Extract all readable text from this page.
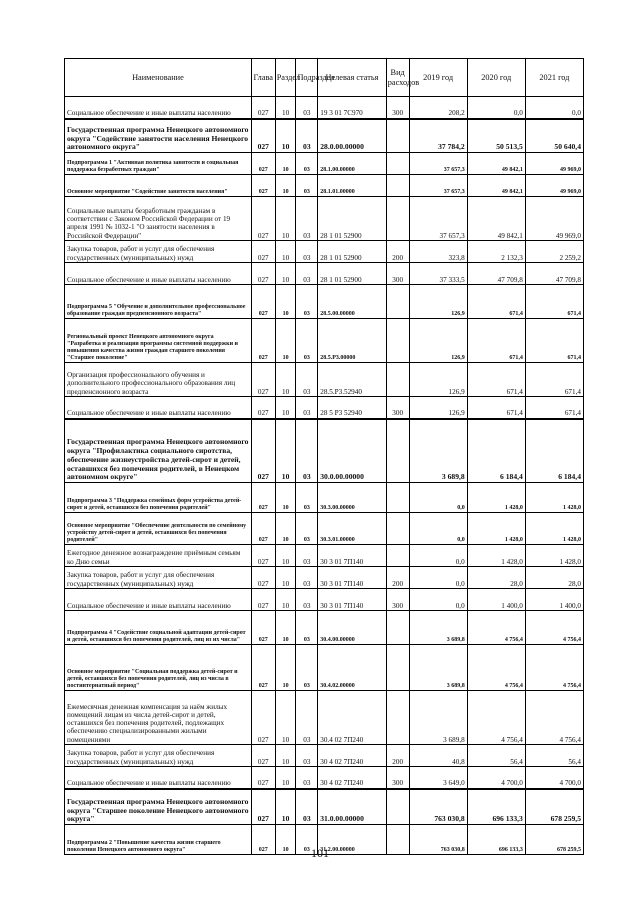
Наименование	Глава	Раздел	Подраздел	Целевая статья	Вид расходов	2019 год	2020 год	2021 год
Социальное обеспечение и иные выплаты населению	027	10	03	19 3 01 7С970	300	208,2	0,0	0,0
Государственная программа Ненецкого автономного округа "Содействие занятости населения Ненецкого автономного округа"	027	10	03	28.0.00.00000		37 784,2	50 513,5	50 640,4
Подпрограмма 1 "Активная политика занятости и социальная поддержка безработных граждан"	027	10	03	28.1.00.00000		37 657,3	49 842,1	49 969,0
Основное мероприятие "Содействие занятости населения"	027	10	03	28.1.01.00000		37 657,3	49 842,1	49 969,0
Социальные выплаты безработным гражданам в соответствии с Законом Российской Федерации от 19 апреля 1991 № 1032-1 "О занятости населения в Российской Федерации"	027	10	03	28 1 01 52900		37 657,3	49 842,1	49 969,0
Закупка товаров, работ и услуг для обеспечения государственных (муниципальных) нужд	027	10	03	28 1 01 52900	200	323,8	2 132,3	2 259,2
Социальное обеспечение и иные выплаты населению	027	10	03	28 1 01 52900	300	37 333,5	47 709,8	47 709,8
Подпрограмма 5 "Обучение и дополнительное профессиональное образование граждан предпенсионного возраста"	027	10	03	28.5.00.00000		126,9	671,4	671,4
Региональный проект Ненецкого автономного округа "Разработка и реализация программы системной поддержки и повышения качества жизни граждан старшего поколения "Старшее поколение"	027	10	03	28.5.Р3.00000		126,9	671,4	671,4
Организация профессионального обучения и дополнительного профессионального образования лиц предпенсионного возраста	027	10	03	28.5.Р3.52940		126,9	671,4	671,4
Социальное обеспечение и иные выплаты населению	027	10	03	28 5 Р3 52940	300	126,9	671,4	671,4
Государственная программа Ненецкого автономного округа "Профилактика социального сиротства, обеспечение жизнеустройства детей-сирот и детей, оставшихся без попечения родителей, в Ненецком автономном округе"	027	10	03	30.0.00.00000		3 689,8	6 184,4	6 184,4
Подпрограмма 3 "Поддержка семейных форм устройства детей-сирот и детей, оставшихся без попечения родителей"	027	10	03	30.3.00.00000		0,0	1 428,0	1 428,0
Основное мероприятие "Обеспечение деятельности по семейному устройству детей-сирот и детей, оставшихся без попечения родителей"	027	10	03	30.3.01.00000		0,0	1 428,0	1 428,0
Ежегодное денежное вознаграждение приёмным семьям ко Дню семьи	027	10	03	30 3 01 7П140		0,0	1 428,0	1 428,0
Закупка товаров, работ и услуг для обеспечения государственных (муниципальных) нужд	027	10	03	30 3 01 7П140	200	0,0	28,0	28,0
Социальное обеспечение и иные выплаты населению	027	10	03	30 3 01 7П140	300	0,0	1 400,0	1 400,0
Подпрограмма 4 "Содействие социальной адаптации детей-сирот и детей, оставшихся без попечения родителей, лиц из их числа"	027	10	03	30.4.00.00000		3 689,8	4 756,4	4 756,4
Основное мероприятие "Социальная поддержка детей-сирот и детей, оставшихся без попечения родителей, лиц из числа в постинтернатный период"	027	10	03	30.4.02.00000		3 689,8	4 756,4	4 756,4
Ежемесячная денежная компенсация за наём жилых помещений лицам из числа детей-сирот и детей, оставшихся без попечения родителей, подлежащих обеспечению специализированными жилыми помещениями	027	10	03	30.4 02 7П240		3 689,8	4 756,4	4 756,4
Закупка товаров, работ и услуг для обеспечения государственных (муниципальных) нужд	027	10	03	30 4 02 7П240	200	40,8	56,4	56,4
Социальное обеспечение и иные выплаты населению	027	10	03	30 4 02 7П240	300	3 649,0	4 700,0	4 700,0
Государственная программа Ненецкого автономного округа "Старшее поколение Ненецкого автономного округа"	027	10	03	31.0.00.00000		763 030,8	696 133,3	678 259,5
Подпрограмма 2 "Повышение качества жизни старшего поколения Ненецкого автономного округа"	027	10	03	31.2.00.00000		763 030,8	696 133,3	678 259,5
101
